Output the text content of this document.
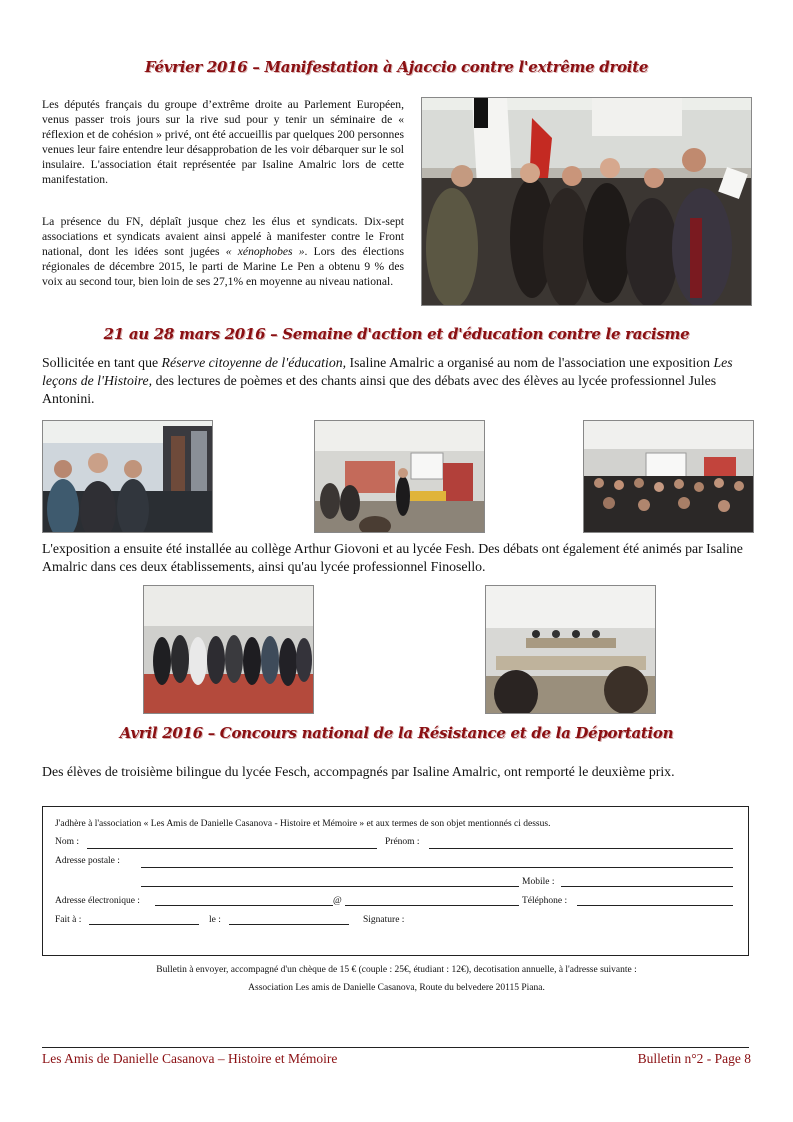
Février 2016 – Manifestation à Ajaccio contre l'extrême droite
Les députés français du groupe d’extrême droite au Parlement Européen, venus passer trois jours sur la rive sud pour y tenir un séminaire de « réflexion et de cohésion » privé, ont été accueillis par quelques 200 personnes venues leur faire entendre leur désapprobation de les voir débarquer sur le sol insulaire. L'association était représentée par Isaline Amalric lors de cette manifestation.
La présence du FN, déplaît jusque chez les élus et syndicats. Dix-sept associations et syndicats avaient ainsi appelé à manifester contre le Front national, dont les idées sont jugées « xénophobes ». Lors des élections régionales de décembre 2015, le parti de Marine Le Pen a obtenu 9 % des voix au second tour, bien loin de ses 27,1% en moyenne au niveau national.
21 au 28 mars 2016 – Semaine d'action et d'éducation contre le racisme
Sollicitée en tant que Réserve citoyenne de l'éducation, Isaline Amalric a organisé au nom de l'association une exposition Les leçons de l'Histoire, des lectures de poèmes et des chants ainsi que des débats avec des élèves au lycée professionnel Jules Antonini.
L'exposition a ensuite été installée au collège Arthur Giovoni et au lycée Fesh. Des débats ont également été animés par Isaline Amalric dans ces deux établissements, ainsi qu'au lycée professionnel Finosello.
Avril 2016 – Concours national de la Résistance et de la Déportation
Des élèves de troisième bilingue du lycée Fesch, accompagnés par Isaline Amalric, ont remporté le deuxième prix.
J'adhère à l'association « Les Amis de Danielle Casanova - Histoire et Mémoire » et aux termes de son objet mentionnés ci dessus.
Nom :	Prénom :
Adresse postale :
Mobile :
Adresse électronique :	@	Téléphone :
Fait à :	le :	Signature :
Bulletin à envoyer, accompagné d'un chèque de 15 € (couple : 25€, étudiant : 12€), decotisation annuelle, à l'adresse suivante :
Association Les amis de Danielle Casanova, Route du belvedere 20115 Piana.
Les Amis de Danielle Casanova – Histoire et Mémoire	Bulletin n°2 - Page 8
